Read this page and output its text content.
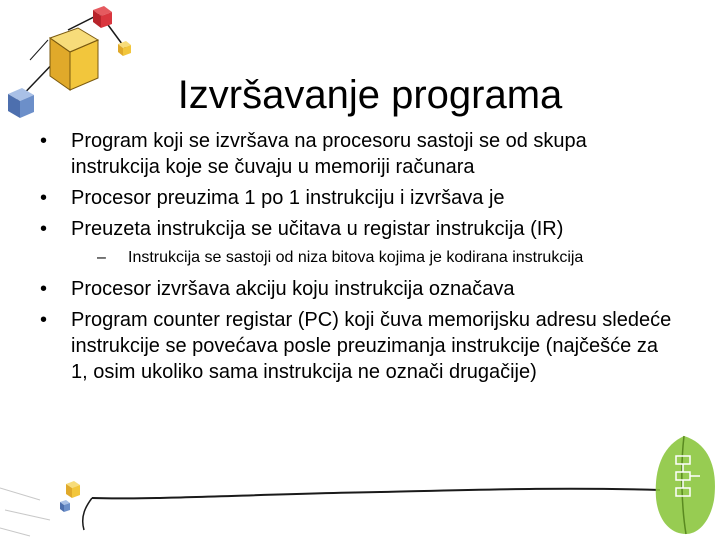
Izvršavanje programa
•	Program koji se izvršava na procesoru sastoji se od skupa instrukcija koje se čuvaju u memoriji računara
•	Procesor preuzima 1 po 1 instrukciju i izvršava je
•	Preuzeta instrukcija se učitava u registar instrukcija (IR)
– Instrukcija se sastoji od niza bitova kojima je kodirana instrukcija
•	Procesor izvršava akciju koju instrukcija označava
•	Program counter registar (PC) koji čuva memorijsku adresu sledeće instrukcije se povećava posle preuzimanja instrukcije (najčešće za 1, osim ukoliko sama instrukcija ne označi drugačije)
